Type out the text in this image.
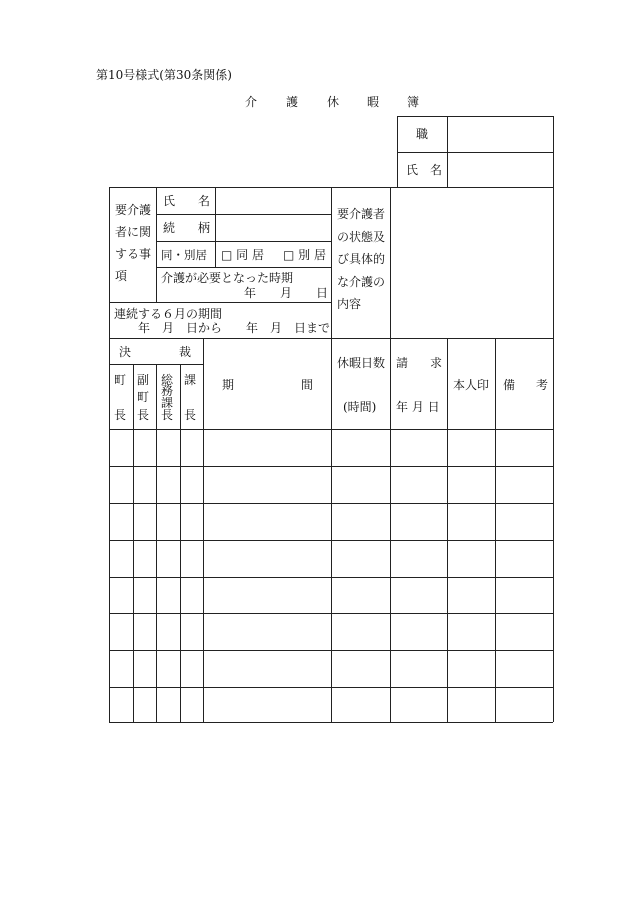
第10号様式(第30条関係)
介 護 休 暇 簿
職
氏 名
要介護
者に関
する事
項
氏 名
続 柄
同・別居 □ 同 居 □ 別 居
介護が必要となった時期
年　　月　　日
連続する６月の期間
年　月　日から　　年　月　日まで
要介護者
の状態及
び具体的
な介護の
内容
決	裁
町
長
副
町
長
総
務
課
長
課
長
期	間
休暇日数
(時間)
請 求
年 月 日
本人印 備 考
